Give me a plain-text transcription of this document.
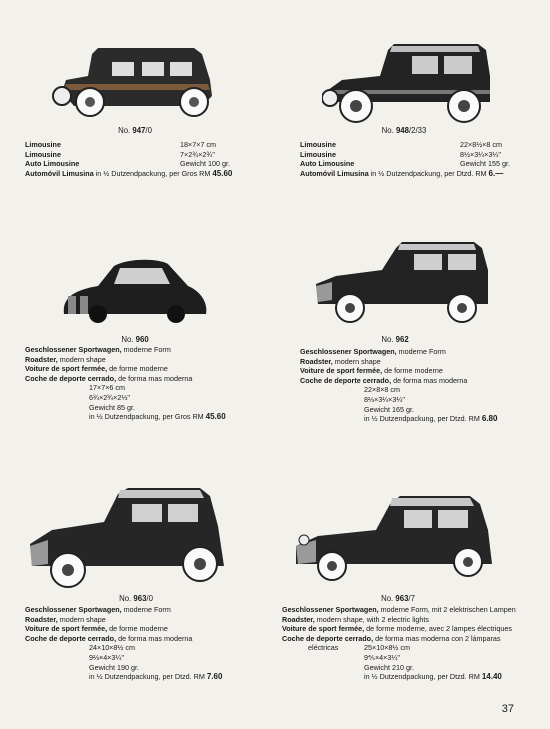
No. 947/0
Limousine	18×7×7 cm
Limousine	7×2¾×2¾"
Auto Limousine	Gewicht 100 gr.
Automóvil Limusina in ½ Dutzendpackung, per Gros RM 45.60
No. 948/2/33
Limousine	22×8½×8 cm
Limousine	8½×3¼×3¼"
Auto Limousine	Gewicht 155 gr.
Automóvil Limusina in ½ Dutzendpackung, per Dtzd. RM 6.—
No. 960
Geschlossener Sportwagen, moderne Form
Roadster, modern shape
Voiture de sport fermée, de forme moderne
Coche de deporte cerrado, de forma mas moderna
17×7×6 cm
6¾×2¾×2⅓"
Gewicht 85 gr.
in ½ Dutzendpackung, per Gros RM 45.60
No. 962
Geschlossener Sportwagen, moderne Form
Roadster, modern shape
Voiture de sport fermée, de forme moderne
Coche de deporte cerrado, de forma mas moderna
22×8×8 cm
8⅔×3¼×3¼"
Gewicht 165 gr.
in ½ Dutzendpackung, per Dtzd. RM 6.80
No. 963/0
Geschlossener Sportwagen, moderne Form
Roadster, modern shape
Voiture de sport fermée, de forme moderne
Coche de deporte cerrado, de forma mas moderna
24×10×8½ cm
9⅔×4×3¼"
Gewicht 190 gr.
in ½ Dutzendpackung, per Dtzd. RM 7.60
No. 963/7
Geschlossener Sportwagen, moderne Form, mit 2 elektrischen Lampen
Roadster, modern shape, with 2 electric lights
Voiture de sport fermée, de forme moderne, avec 2 lampes électriques
Coche de deporte cerrado, de forma mas moderna con 2 lámparas
eléctricas	25×10×8½ cm
9⅘×4×3¼"
Gewicht 210 gr.
in ½ Dutzendpackung, per Dtzd. RM 14.40
37
